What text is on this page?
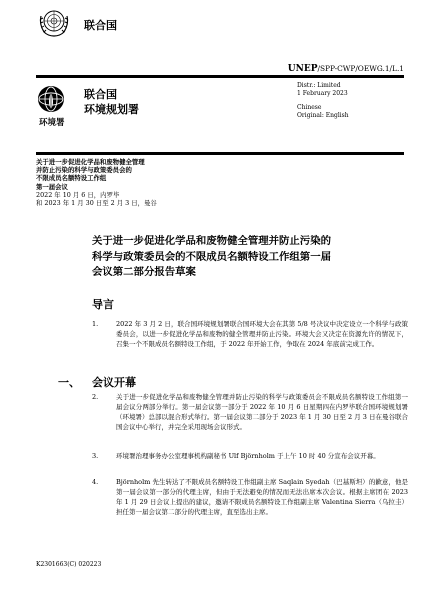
联合国
UNEP/SPP-CWP/OEWG.1/L.1
环境署
联合国
环境规划署
Distr.: Limited
1 February 2023
Chinese
Original: English
关于进一步促进化学品和废物健全管理
并防止污染的科学与政策委员会的
不限成员名额特设工作组
第一届会议
2022 年 10 月 6 日，内罗毕
和 2023 年 1 月 30 日至 2 月 3 日，曼谷
关于进一步促进化学品和废物健全管理并防止污染的
科学与政策委员会的不限成员名额特设工作组第一届
会议第二部分报告草案
导言
1.	2022 年 3 月 2 日，联合国环境规划署联合国环境大会在其第 5/8 号决议中决定设立一个科学与政策委员会，以进一步促进化学品和废物的健全管理并防止污染。环境大会又决定在资源允许的情况下，召集一个不限成员名额特设工作组，于 2022 年开始工作，争取在 2024 年底前完成工作。
一、 会议开幕
2.	关于进一步促进化学品和废物健全管理并防止污染的科学与政策委员会不限成员名额特设工作组第一届会议分两部分举行。第一届会议第一部分于 2022 年 10 月 6 日星期四在内罗毕联合国环境规划署（环境署）总部以混合形式举行。第一届会议第二部分于 2023 年 1 月 30 日至 2 月 3 日在曼谷联合国会议中心举行，并完全采用现场会议形式。
3.	环境署治理事务办公室理事机构副秘书 Ulf Björnholm 于上午 10 时 40 分宣布会议开幕。
4.	Björnholm 先生转达了不限成员名额特设工作组副主席 Saqlain Syedah（巴基斯坦）的歉意，他是第一届会议第一部分的代理主席，但由于无法避免的情况而无法出席本次会议。根据主席团在 2023 年 1 月 29 日会议上提出的建议，邀请不限成员名额特设工作组副主席 Valentina Sierra（乌拉圭）担任第一届会议第二部分的代理主席，直至选出主席。
K2301663(C) 020223
